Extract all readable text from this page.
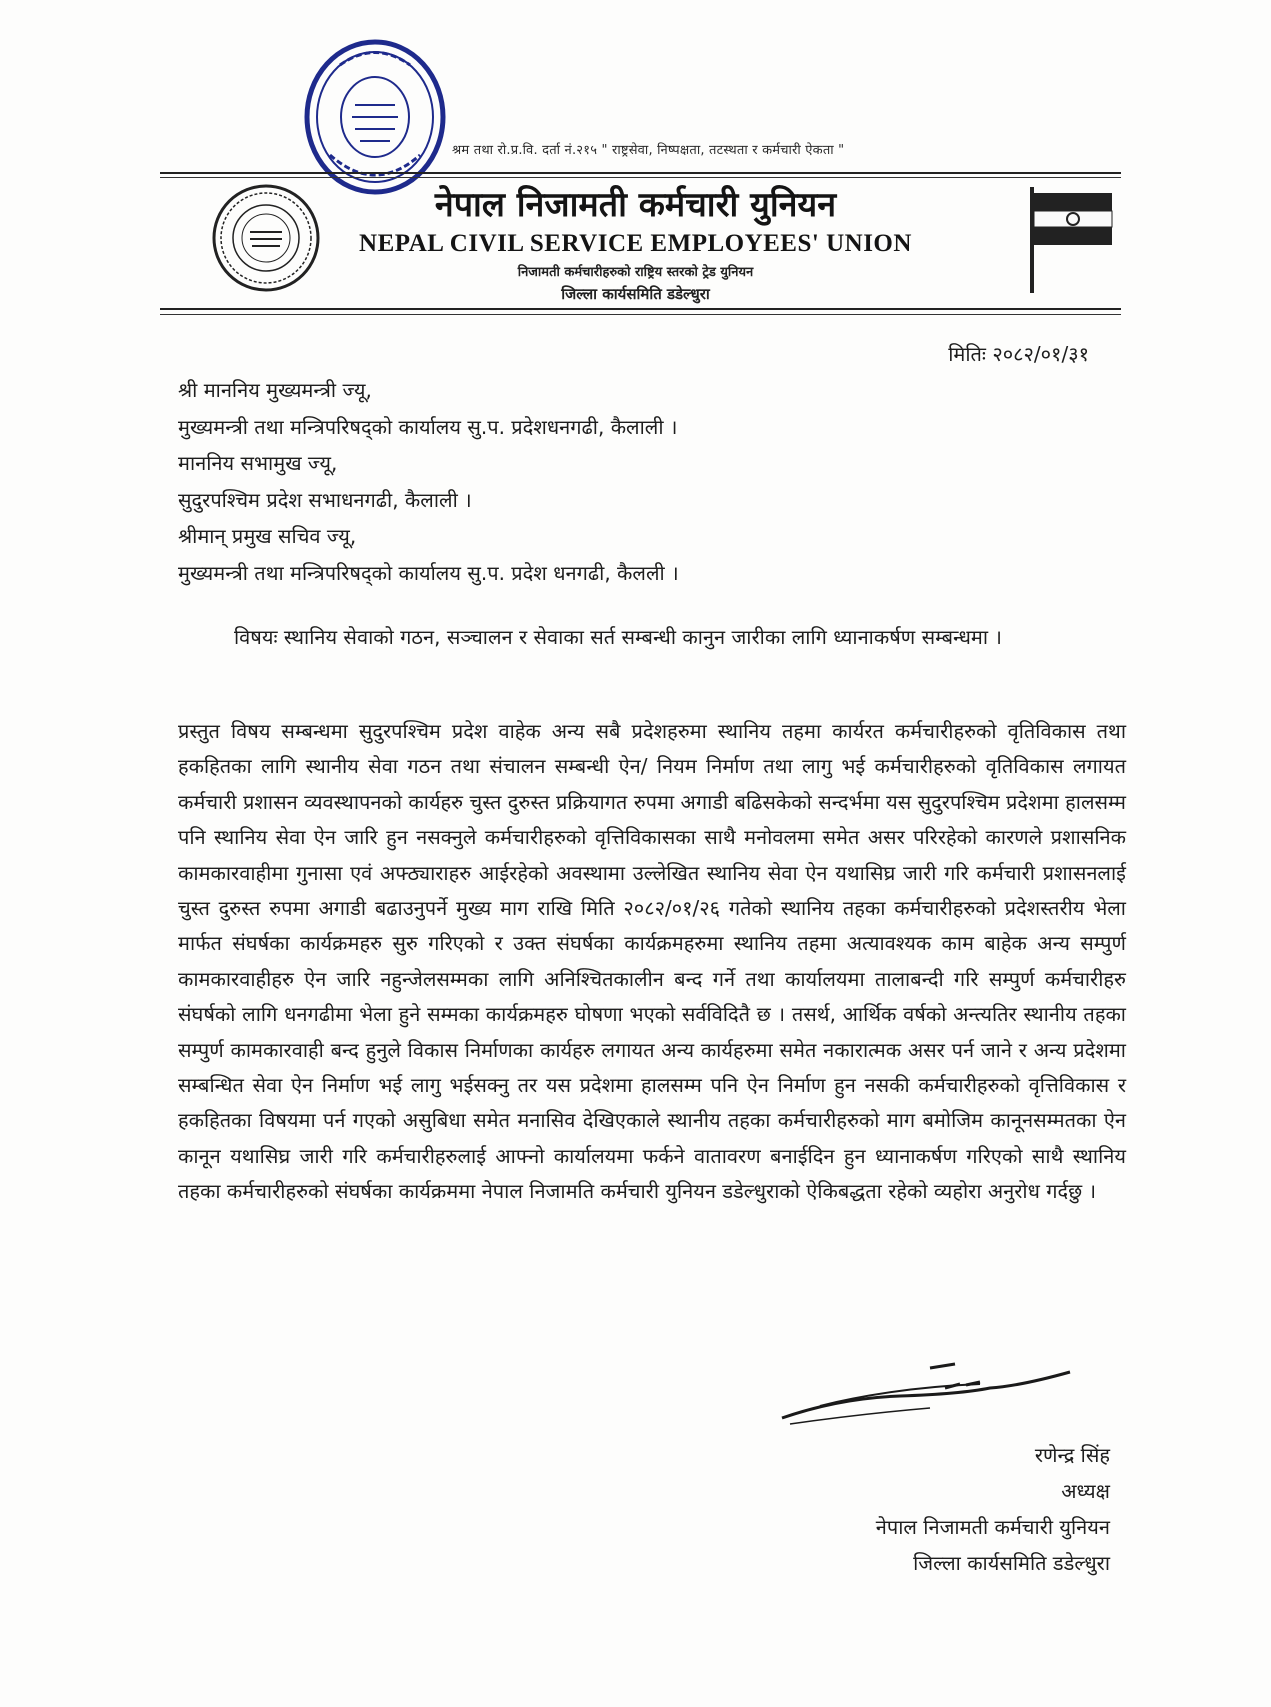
श्रम तथा रो.प्र.वि. दर्ता नं.२१५ " राष्ट्रसेवा, निष्पक्षता, तटस्थता र कर्मचारी ऐकता "
नेपाल निजामती कर्मचारी युनियन
NEPAL CIVIL SERVICE EMPLOYEES' UNION
निजामती कर्मचारीहरुको राष्ट्रिय स्तरको ट्रेड युनियन
जिल्ला कार्यसमिति डडेल्धुरा
मितिः २०८२/०१/३१
श्री माननिय मुख्यमन्त्री ज्यू,
मुख्यमन्त्री तथा मन्त्रिपरिषद्को कार्यालय सु.प. प्रदेशधनगढी, कैलाली ।
माननिय सभामुख ज्यू,
सुदुरपश्चिम प्रदेश सभाधनगढी, कैलाली ।
श्रीमान् प्रमुख सचिव ज्यू,
मुख्यमन्त्री तथा मन्त्रिपरिषद्को कार्यालय सु.प. प्रदेश धनगढी, कैलली ।
विषयः स्थानिय सेवाको गठन, सञ्चालन र सेवाका सर्त सम्बन्धी कानुन जारीका लागि ध्यानाकर्षण सम्बन्धमा ।
प्रस्तुत विषय सम्बन्धमा सुदुरपश्चिम प्रदेश वाहेक अन्य सबै प्रदेशहरुमा स्थानिय तहमा कार्यरत कर्मचारीहरुको वृतिविकास तथा हकहितका लागि स्थानीय सेवा गठन तथा संचालन सम्बन्धी ऐन/ नियम निर्माण तथा लागु भई कर्मचारीहरुको वृतिविकास लगायत कर्मचारी प्रशासन व्यवस्थापनको कार्यहरु चुस्त दुरुस्त प्रक्रियागत रुपमा अगाडी बढिसकेको सन्दर्भमा यस सुदुरपश्चिम प्रदेशमा हालसम्म पनि स्थानिय सेवा ऐन जारि हुन नसक्नुले कर्मचारीहरुको वृत्तिविकासका साथै मनोवलमा समेत असर परिरहेको कारणले प्रशासनिक कामकारवाहीमा गुनासा एवं अफ्ठ्याराहरु आईरहेको अवस्थामा उल्लेखित स्थानिय सेवा ऐन यथासिघ्र जारी गरि कर्मचारी प्रशासनलाई चुस्त दुरुस्त रुपमा अगाडी बढाउनुपर्ने मुख्य माग राखि मिति २०८२/०१/२६ गतेको स्थानिय तहका कर्मचारीहरुको प्रदेशस्तरीय भेला मार्फत संघर्षका कार्यक्रमहरु सुरु गरिएको र उक्त संघर्षका कार्यक्रमहरुमा स्थानिय तहमा अत्यावश्यक काम बाहेक अन्य सम्पुर्ण कामकारवाहीहरु ऐन जारि नहुन्जेलसम्मका लागि अनिश्चितकालीन बन्द गर्ने तथा कार्यालयमा तालाबन्दी गरि सम्पुर्ण कर्मचारीहरु संघर्षको लागि धनगढीमा भेला हुने सम्मका कार्यक्रमहरु घोषणा भएको सर्वविदितै छ । तसर्थ, आर्थिक वर्षको अन्त्यतिर स्थानीय तहका सम्पुर्ण कामकारवाही बन्द हुनुले विकास निर्माणका कार्यहरु लगायत अन्य कार्यहरुमा समेत नकारात्मक असर पर्न जाने र अन्य प्रदेशमा सम्बन्धित सेवा ऐन निर्माण भई लागु भईसक्नु तर यस प्रदेशमा हालसम्म पनि ऐन निर्माण हुन नसकी कर्मचारीहरुको वृत्तिविकास र हकहितका विषयमा पर्न गएको असुबिधा समेत मनासिव देखिएकाले स्थानीय तहका कर्मचारीहरुको माग बमोजिम कानूनसम्मतका ऐन कानून यथासिघ्र जारी गरि कर्मचारीहरुलाई आफ्नो कार्यालयमा फर्कने वातावरण बनाईदिन हुन ध्यानाकर्षण गरिएको साथै स्थानिय तहका कर्मचारीहरुको संघर्षका कार्यक्रममा नेपाल निजामति कर्मचारी युनियन डडेल्धुराको ऐकिबद्धता रहेको व्यहोरा अनुरोध गर्दछु ।
रणेन्द्र सिंह
अध्यक्ष
नेपाल निजामती कर्मचारी युनियन
जिल्ला कार्यसमिति डडेल्धुरा
